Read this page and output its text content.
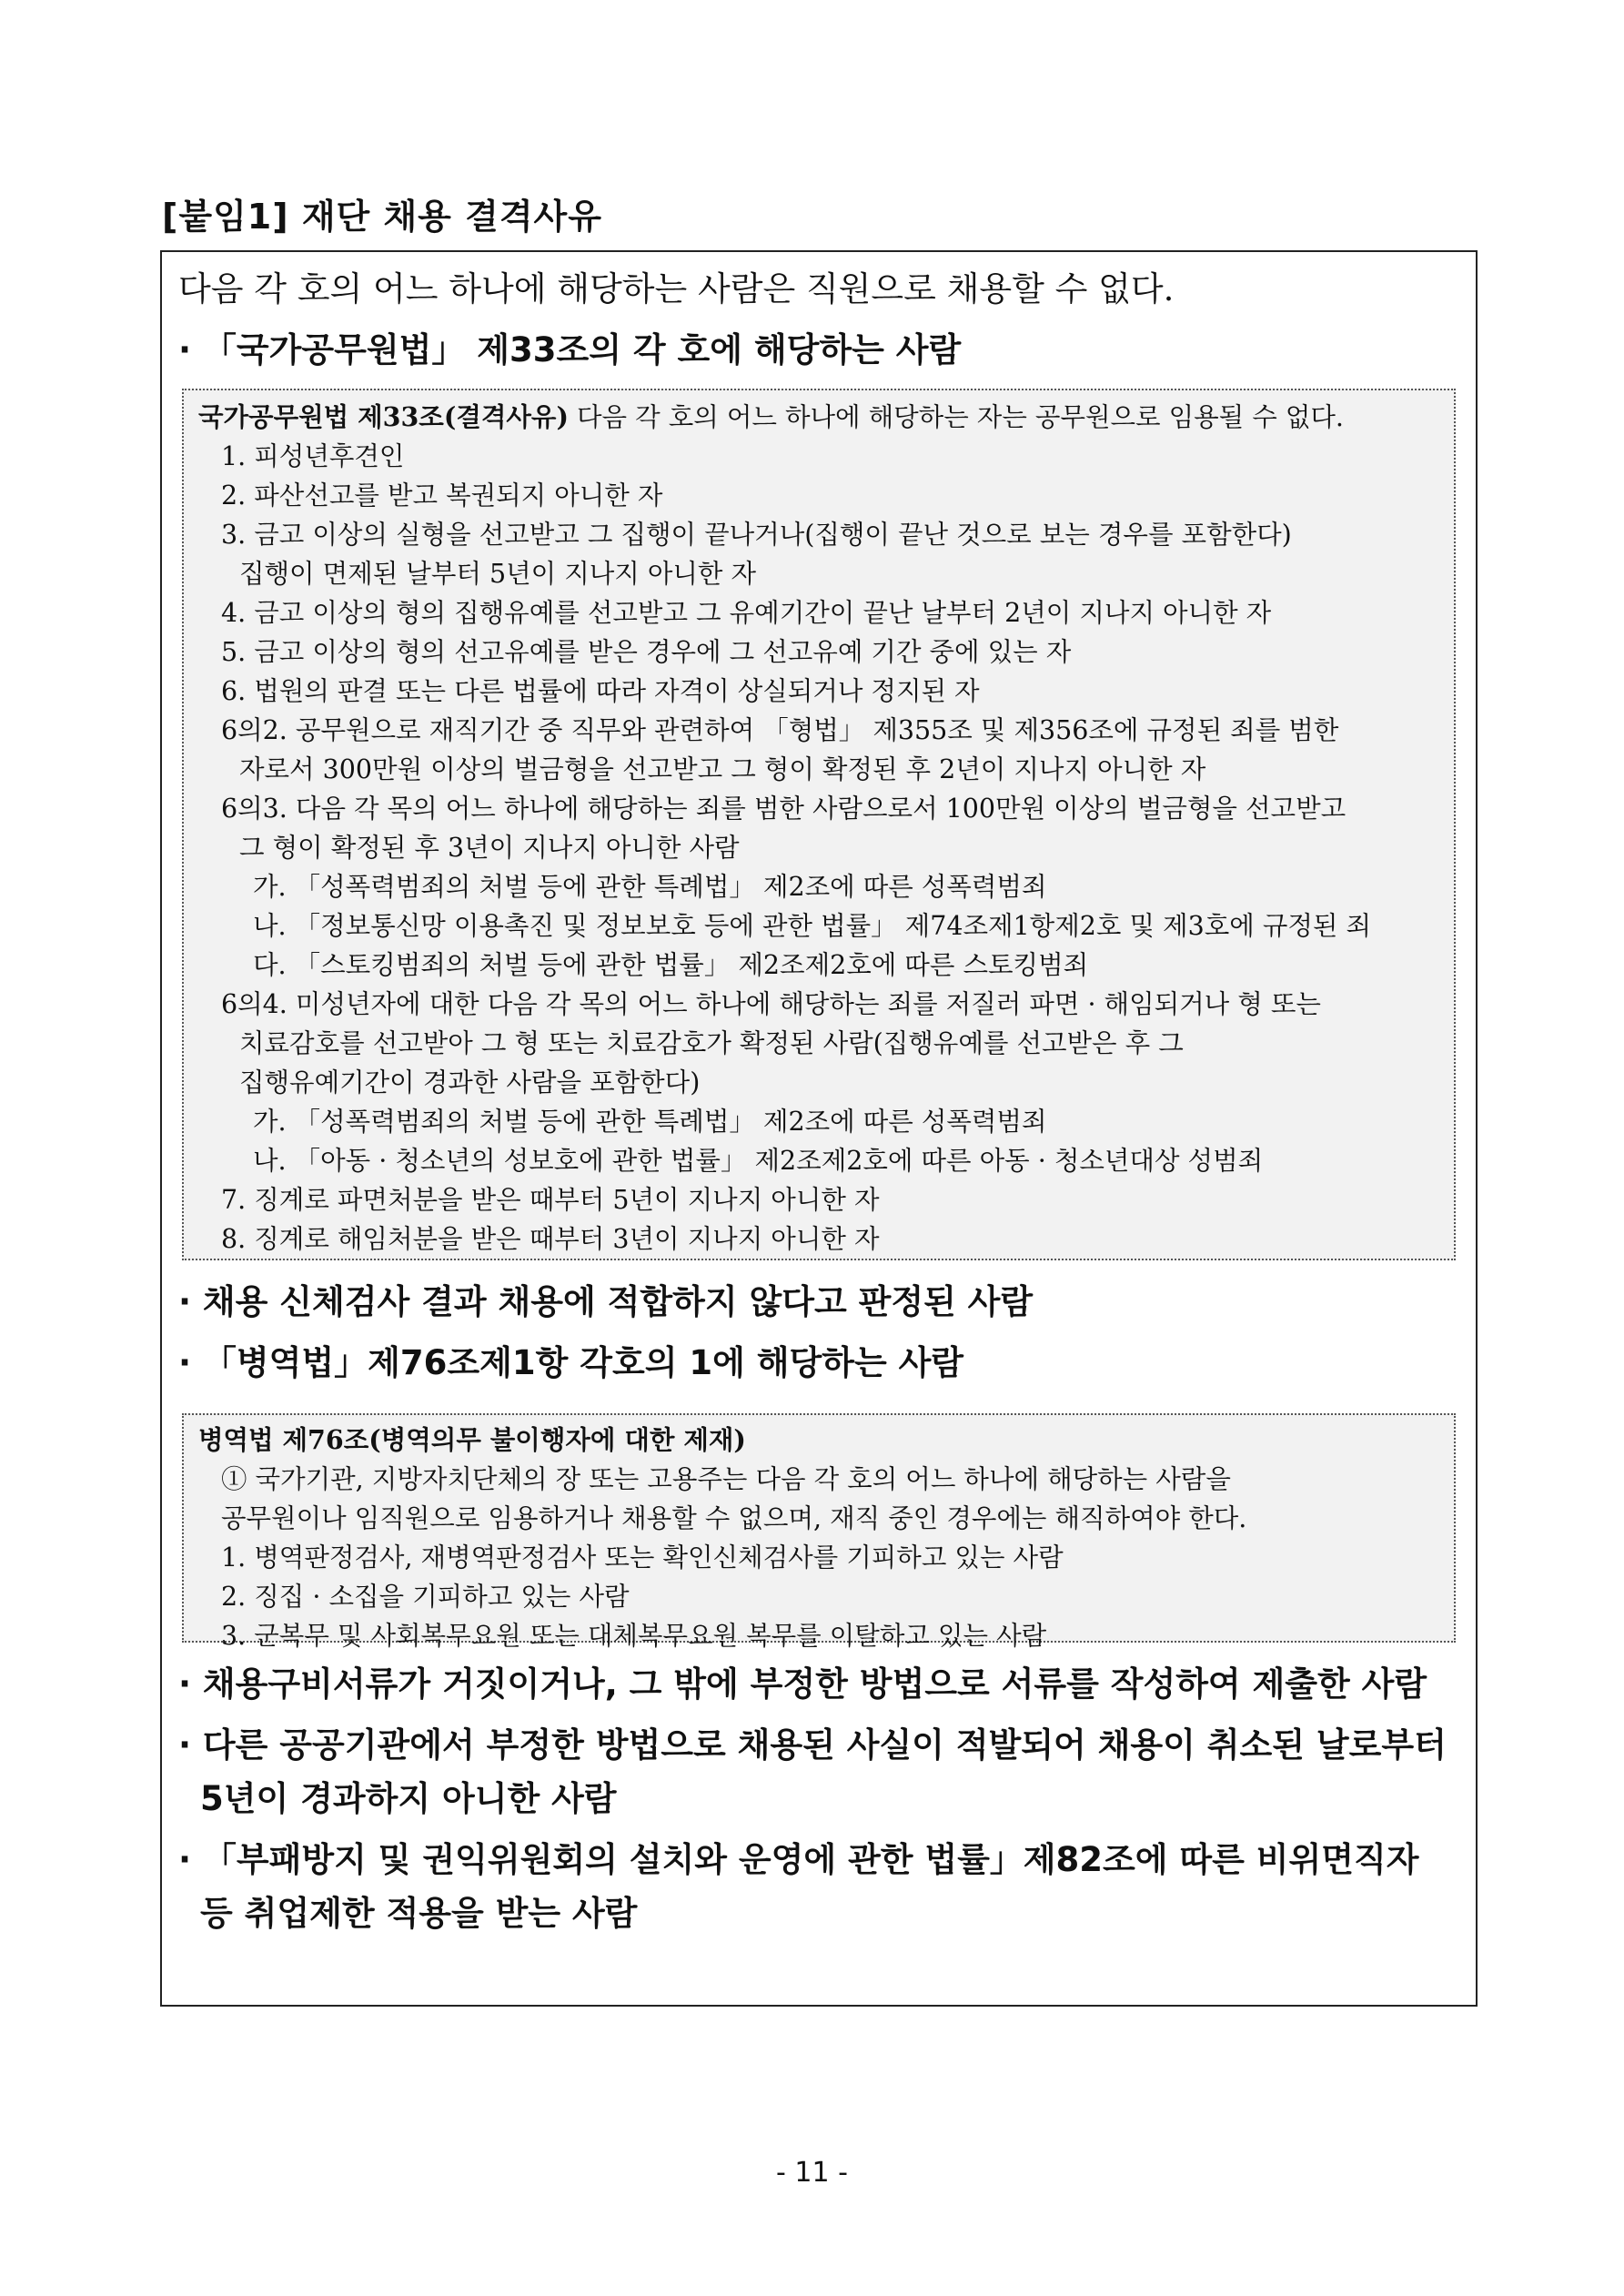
[붙임1] 재단 채용 결격사유
다음 각 호의 어느 하나에 해당하는 사람은 직원으로 채용할 수 없다.
· 「국가공무원법」 제33조의 각 호에 해당하는 사람
국가공무원법 제33조(결격사유) 다음 각 호의 어느 하나에 해당하는 자는 공무원으로 임용될 수 없다.
1. 피성년후견인
2. 파산선고를 받고 복권되지 아니한 자
3. 금고 이상의 실형을 선고받고 그 집행이 끝나거나(집행이 끝난 것으로 보는 경우를 포함한다)
집행이 면제된 날부터 5년이 지나지 아니한 자
4. 금고 이상의 형의 집행유예를 선고받고 그 유예기간이 끝난 날부터 2년이 지나지 아니한 자
5. 금고 이상의 형의 선고유예를 받은 경우에 그 선고유예 기간 중에 있는 자
6. 법원의 판결 또는 다른 법률에 따라 자격이 상실되거나 정지된 자
6의2. 공무원으로 재직기간 중 직무와 관련하여 「형법」 제355조 및 제356조에 규정된 죄를 범한
자로서 300만원 이상의 벌금형을 선고받고 그 형이 확정된 후 2년이 지나지 아니한 자
6의3. 다음 각 목의 어느 하나에 해당하는 죄를 범한 사람으로서 100만원 이상의 벌금형을 선고받고
그 형이 확정된 후 3년이 지나지 아니한 사람
가. 「성폭력범죄의 처벌 등에 관한 특례법」 제2조에 따른 성폭력범죄
나. 「정보통신망 이용촉진 및 정보보호 등에 관한 법률」 제74조제1항제2호 및 제3호에 규정된 죄
다. 「스토킹범죄의 처벌 등에 관한 법률」 제2조제2호에 따른 스토킹범죄
6의4. 미성년자에 대한 다음 각 목의 어느 하나에 해당하는 죄를 저질러 파면 · 해임되거나 형 또는
치료감호를 선고받아 그 형 또는 치료감호가 확정된 사람(집행유예를 선고받은 후 그
집행유예기간이 경과한 사람을 포함한다)
가. 「성폭력범죄의 처벌 등에 관한 특례법」 제2조에 따른 성폭력범죄
나. 「아동 · 청소년의 성보호에 관한 법률」 제2조제2호에 따른 아동 · 청소년대상 성범죄
7. 징계로 파면처분을 받은 때부터 5년이 지나지 아니한 자
8. 징계로 해임처분을 받은 때부터 3년이 지나지 아니한 자
· 채용 신체검사 결과 채용에 적합하지 않다고 판정된 사람
· 「병역법」제76조제1항 각호의 1에 해당하는 사람
병역법 제76조(병역의무 불이행자에 대한 제재)
① 국가기관, 지방자치단체의 장 또는 고용주는 다음 각 호의 어느 하나에 해당하는 사람을
공무원이나 임직원으로 임용하거나 채용할 수 없으며, 재직 중인 경우에는 해직하여야 한다.
1. 병역판정검사, 재병역판정검사 또는 확인신체검사를 기피하고 있는 사람
2. 징집 · 소집을 기피하고 있는 사람
3. 군복무 및 사회복무요원 또는 대체복무요원 복무를 이탈하고 있는 사람
· 채용구비서류가 거짓이거나, 그 밖에 부정한 방법으로 서류를 작성하여 제출한 사람
· 다른 공공기관에서 부정한 방법으로 채용된 사실이 적발되어 채용이 취소된 날로부터
5년이 경과하지 아니한 사람
· 「부패방지 및 권익위원회의 설치와 운영에 관한 법률」제82조에 따른 비위면직자
등 취업제한 적용을 받는 사람
- 11 -
